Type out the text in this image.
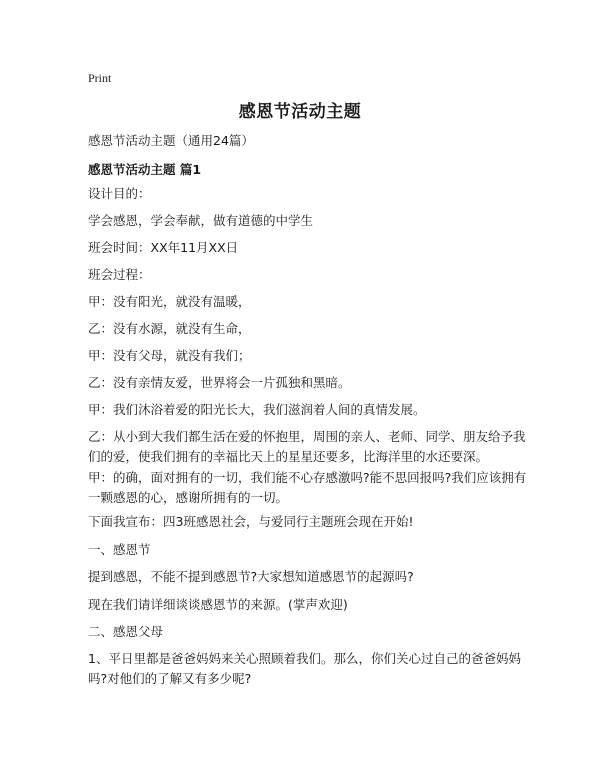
Print
感恩节活动主题
感恩节活动主题（通用24篇）
感恩节活动主题 篇1
设计目的：
学会感恩，学会奉献，做有道德的中学生
班会时间：XX年11月XX日
班会过程：
甲：没有阳光，就没有温暖，
乙：没有水源，就没有生命，
甲：没有父母，就没有我们；
乙：没有亲情友爱，世界将会一片孤独和黑暗。
甲：我们沐浴着爱的阳光长大，我们滋润着人间的真情发展。
乙：从小到大我们都生活在爱的怀抱里，周围的亲人、老师、同学、朋友给予我们的爱，使我们拥有的幸福比天上的星星还要多，比海洋里的水还要深。
甲：的确，面对拥有的一切，我们能不心存感激吗?能不思回报吗?我们应该拥有一颗感恩的心，感谢所拥有的一切。
下面我宣布：四3班感恩社会，与爱同行主题班会现在开始!
一、感恩节
提到感恩，不能不提到感恩节?大家想知道感恩节的起源吗?
现在我们请详细谈谈感恩节的来源。(掌声欢迎)
二、感恩父母
1、平日里都是爸爸妈妈来关心照顾着我们。那么，你们关心过自己的爸爸妈妈吗?对他们的了解又有多少呢?
